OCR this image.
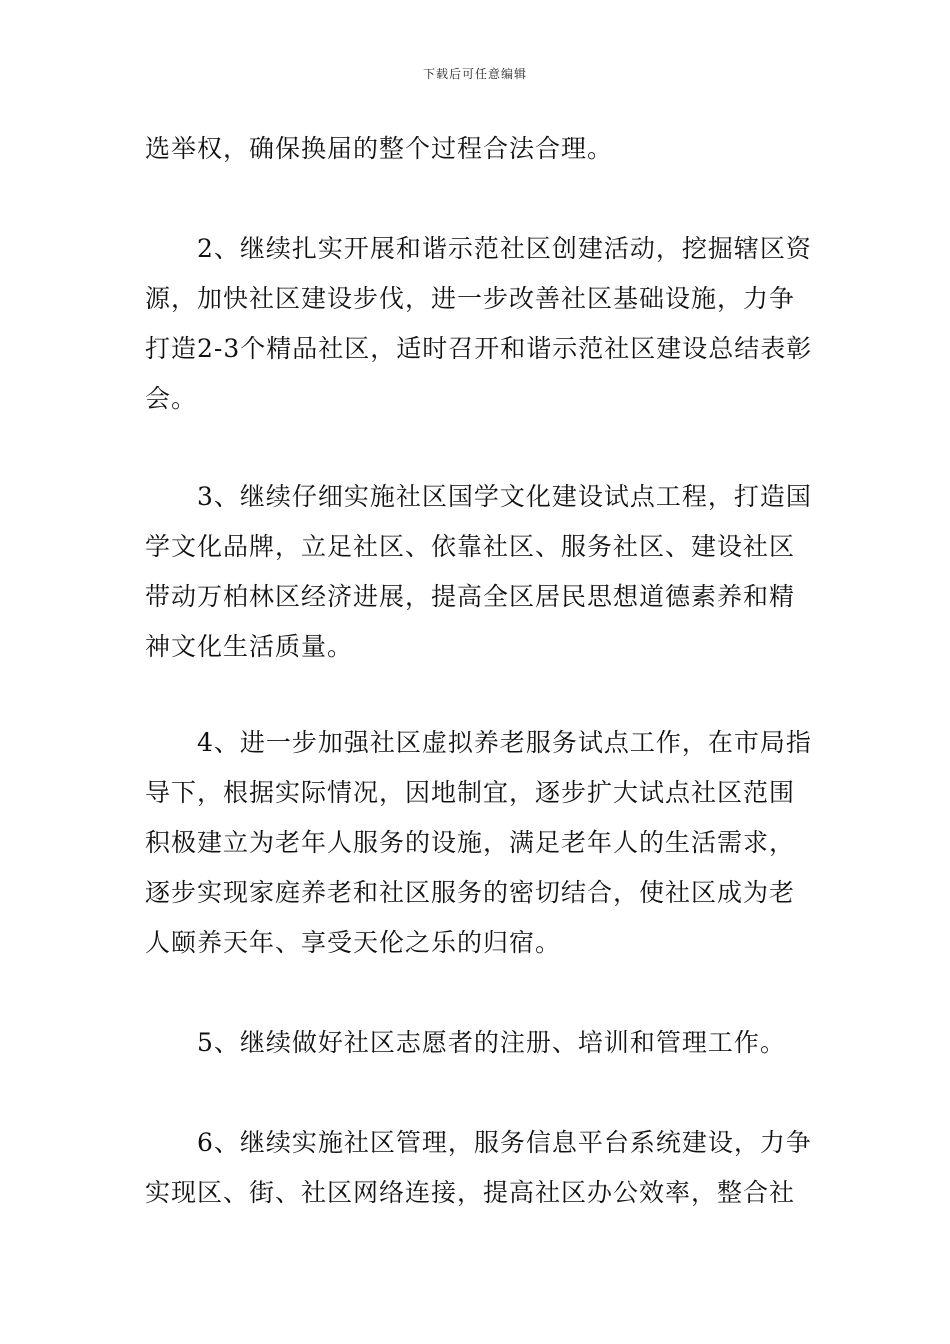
下载后可任意编辑

选举权，确保换届的整个过程合法合理。

2、继续扎实开展和谐示范社区创建活动，挖掘辖区资
源，加快社区建设步伐，进一步改善社区基础设施，力争
打造2-3个精品社区，适时召开和谐示范社区建设总结表彰
会。

3、继续仔细实施社区国学文化建设试点工程，打造国
学文化品牌，立足社区、依靠社区、服务社区、建设社区
带动万柏林区经济进展，提高全区居民思想道德素养和精
神文化生活质量。

4、进一步加强社区虚拟养老服务试点工作，在市局指
导下，根据实际情况，因地制宜，逐步扩大试点社区范围
积极建立为老年人服务的设施，满足老年人的生活需求，
逐步实现家庭养老和社区服务的密切结合，使社区成为老
人颐养天年、享受天伦之乐的归宿。

5、继续做好社区志愿者的注册、培训和管理工作。

6、继续实施社区管理，服务信息平台系统建设，力争
实现区、街、社区网络连接，提高社区办公效率，整合社
